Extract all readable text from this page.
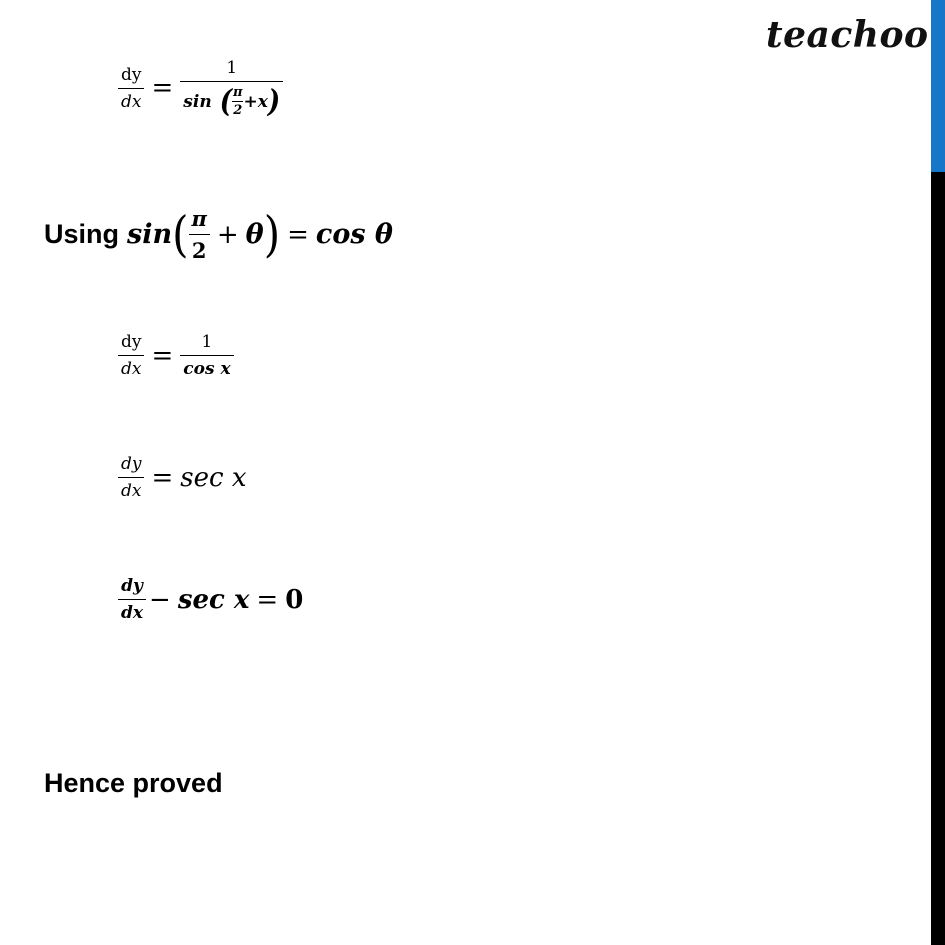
teachoo
$\frac{dy}{dx}$ =
1
sin ( $\frac{\pi}{2} +x$ )
Using sin ( $\frac{\pi}{2} + \theta$ ) = cos θ
$\frac{dy}{dx} = \frac{1}{\text{cos x}}$
$\frac{dy}{dx} = \sec x$
$\frac{dy}{dx} - \sec x = 0$
Hence proved
